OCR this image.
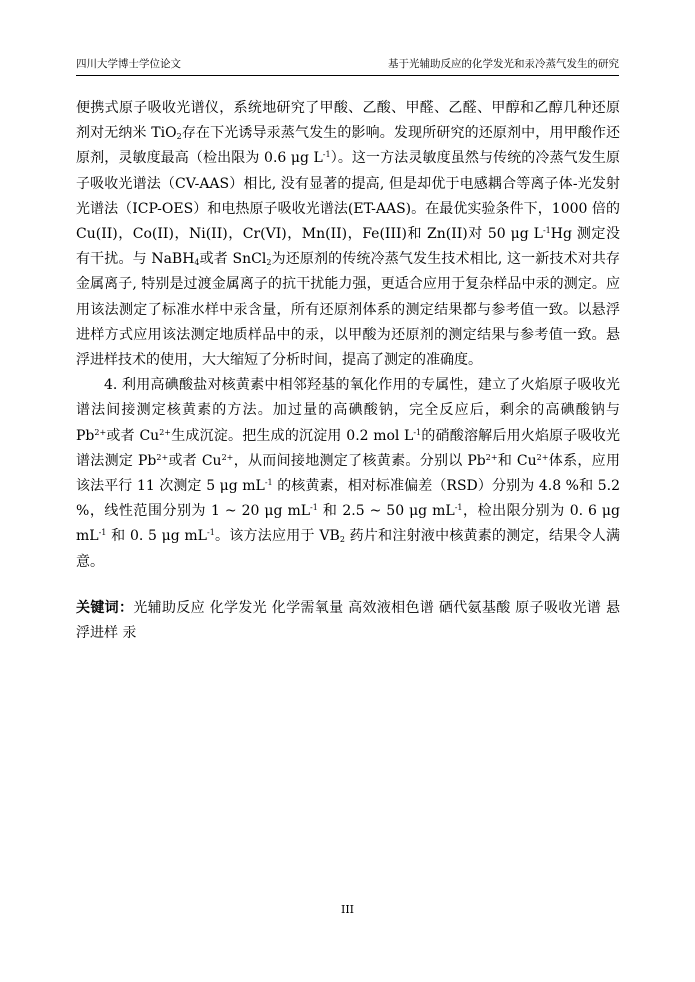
四川大学博士学位论文	基于光辅助反应的化学发光和汞冷蒸气发生的研究

便携式原子吸收光谱仪，系统地研究了甲酸、乙酸、甲醛、乙醛、甲醇和乙醇几种还原剂对无纳米 TiO$_2$存在下光诱导汞蒸气发生的影响。发现所研究的还原剂中，用甲酸作还原剂，灵敏度最高（检出限为 0.6 μg $L^{-1}$）。这一方法灵敏度虽然与传统的冷蒸气发生原子吸收光谱法（CV-AAS）相比, 没有显著的提高, 但是却优于电感耦合等离子体-光发射光谱法（ICP-OES）和电热原子吸收光谱法(ET-AAS)。在最优实验条件下，1000 倍的 Cu(II)，Co(II)，Ni(II)，Cr(VI)，Mn(II)，Fe(III)和 Zn(II)对 50 μg $L^{-1}Hg$ 测定没有干扰。与 NaBH$_4$或者 SnCl$_2$为还原剂的传统冷蒸气发生技术相比, 这一新技术对共存金属离子, 特别是过渡金属离子的抗干扰能力强，更适合应用于复杂样品中汞的测定。应用该法测定了标准水样中汞含量，所有还原剂体系的测定结果都与参考值一致。以悬浮进样方式应用该法测定地质样品中的汞，以甲酸为还原剂的测定结果与参考值一致。悬浮进样技术的使用，大大缩短了分析时间，提高了测定的准确度。

4. 利用高碘酸盐对核黄素中相邻羟基的氧化作用的专属性，建立了火焰原子吸收光谱法间接测定核黄素的方法。加过量的高碘酸钠，完全反应后，剩余的高碘酸钠与 $Pb^{2+}$或者 $Cu^{2+}$生成沉淀。把生成的沉淀用 0.2 mol $L^{-1}$的硝酸溶解后用火焰原子吸收光谱法测定 $Pb^{2+}$或者 $Cu^{2+}$，从而间接地测定了核黄素。分别以 $Pb^{2+}$和 $Cu^{2+}$体系，应用该法平行 11 次测定 5 μg $mL^{-1}$ 的核黄素，相对标准偏差（RSD）分别为 4.8 %和 5.2 %，线性范围分别为 1 ~ 20 μg $mL^{-1}$ 和 2.5 ~ 50 μg $mL^{-1}$，检出限分别为 0. 6 μg $mL^{-1}$ 和 0. 5 μg $mL^{-1}$。该方法应用于 $VB_2$ 药片和注射液中核黄素的测定，结果令人满意。

关键词：光辅助反应 化学发光 化学需氧量 高效液相色谱 硒代氨基酸 原子吸收光谱 悬浮进样 汞

III
